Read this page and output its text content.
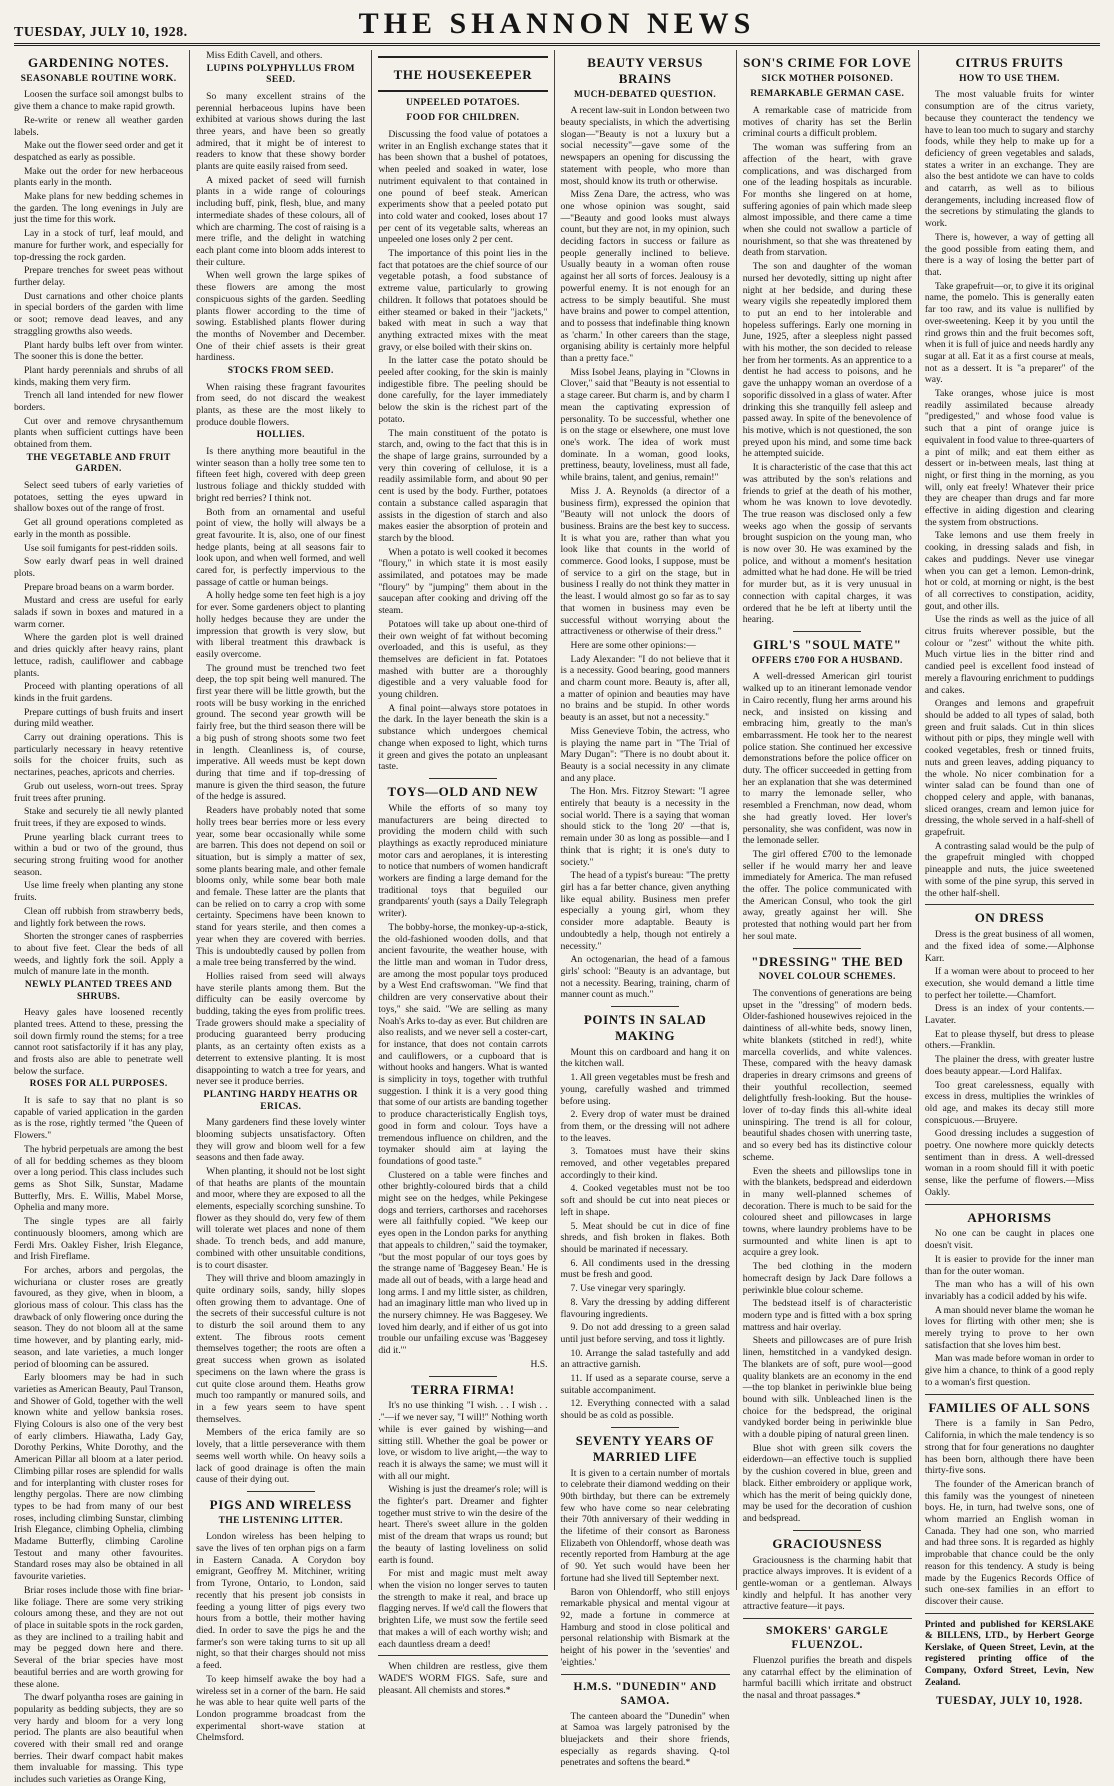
TUESDAY, JULY 10, 1928.	THE SHANNON NEWS
GARDENING NOTES.
SEASONABLE ROUTINE WORK.

Loosen the surface soil amongst bulbs to give them a chance to make rapid growth.

Re-write or renew all weather garden labels.

Make out the flower seed order and get it despatched as early as possible.

Make out the order for new herbaceous plants early in the month.

Make plans for new bedding schemes in the garden. The long evenings in July are just the time for this work.

Lay in a stock of turf, leaf mould, and manure for further work, and especially for top-dressing the rock garden.

Prepare trenches for sweet peas without further delay.

Dust carnations and other choice plants in special borders of the garden with lime or soot; remove dead leaves, and any straggling growths also weeds.

Plant hardy bulbs left over from winter. The sooner this is done the better.

Plant hardy perennials and shrubs of all kinds, making them very firm.

Trench all land intended for new flower borders.

Cut over and remove chrysanthemum plants when sufficient cuttings have been obtained from them.

THE VEGETABLE AND FRUIT GARDEN.

Select seed tubers of early varieties of potatoes, setting the eyes upward in shallow boxes out of the range of frost.

Get all ground operations completed as early in the month as possible.

Use soil fumigants for pest-ridden soils.

Sow early dwarf peas in well drained plots.

Prepare broad beans on a warm border.

Mustard and cress are useful for early salads if sown in boxes and matured in a warm corner.

Where the garden plot is well drained and dries quickly after heavy rains, plant lettuce, radish, cauliflower and cabbage plants.

Proceed with planting operations of all kinds in the fruit gardens.

Prepare cuttings of bush fruits and insert during mild weather.

Carry out draining operations. This is particularly necessary in heavy retentive soils for the choicer fruits, such as nectarines, peaches, apricots and cherries.

Grub out useless, worn-out trees. Spray fruit trees after pruning.

Stake and securely tie all newly planted fruit trees, if they are exposed to winds.

Prune yearling black currant trees to within a bud or two of the ground, thus securing strong fruiting wood for another season.

Use lime freely when planting any stone fruits.

Clean off rubbish from strawberry beds, and lightly fork between the rows.

Shorten the stronger canes of raspberries to about five feet. Clear the beds of all weeds, and lightly fork the soil. Apply a mulch of manure late in the month.

NEWLY PLANTED TREES AND SHRUBS.

Heavy gales have loosened recently planted trees. Attend to these, pressing the soil down firmly round the stems; for a tree cannot root satisfactorily if it has any play, and frosts also are able to penetrate well below the surface.

ROSES FOR ALL PURPOSES.

It is safe to say that no plant is so capable of varied application in the garden as is the rose, rightly termed "the Queen of Flowers."

The hybrid perpetuals are among the best of all for bedding schemes as they bloom over a long period. This class includes such gems as Shot Silk, Sunstar, Madame Butterfly, Mrs. E. Willis, Mabel Morse, Ophelia and many more.

The single types are all fairly continuously bloomers, among which are Ferdi Mrs. Oakley Fisher, Irish Elegance, and Irish Fireflame.

For arches, arbors and pergolas, the wichuriana or cluster roses are greatly favoured, as they give, when in bloom, a glorious mass of colour. This class has the drawback of only flowering once during the season. They do not bloom all at the same time however, and by planting early, mid-season, and late varieties, a much longer period of blooming can be assured.

Early bloomers may be had in such varieties as American Beauty, Paul Transon, and Shower of Gold, together with the well known white and yellow banksia roses. Flying Colours is also one of the very best of early climbers. Hiawatha, Lady Gay, Dorothy Perkins, White Dorothy, and the American Pillar all bloom at a later period. Climbing pillar roses are splendid for walls and for interplanting with cluster roses for lengthy pergolas. There are now climbing types to be had from many of our best roses, including climbing Sunstar, climbing Irish Elegance, climbing Ophelia, climbing Madame Butterfly, climbing Caroline Testout and many other favourites. Standard roses may also be obtained in all favourite varieties.

Briar roses include those with fine briar-like foliage. There are some very striking colours among these, and they are not out of place in suitable spots in the rock garden, as they are inclined to a trailing habit and may be pegged down here and there. Several of the briar species have most beautiful berries and are worth growing for these alone.

The dwarf polyantha roses are gaining in popularity as bedding subjects, they are so very hardy and bloom for a very long period. The plants are also beautiful when covered with their small red and orange berries. Their dwarf compact habit makes them invaluable for massing. This type includes such varieties as Orange King,

Miss Edith Cavell, and others.

LUPINS POLYPHYLLUS FROM SEED.

So many excellent strains of the perennial herbaceous lupins have been exhibited at various shows during the last three years, and have been so greatly admired, that it might be of interest to readers to know that these showy border plants are quite easily raised from seed.

A mixed packet of seed will furnish plants in a wide range of colourings including buff, pink, flesh, blue, and many intermediate shades of these colours, all of which are charming. The cost of raising is a mere trifle, and the delight in watching each plant come into bloom adds interest to their culture.

When well grown the large spikes of these flowers are among the most conspicuous sights of the garden. Seedling plants flower according to the time of sowing. Established plants flower during the months of November and December. One of their chief assets is their great hardiness.

STOCKS FROM SEED.

When raising these fragrant favourites from seed, do not discard the weakest plants, as these are the most likely to produce double flowers.

HOLLIES.

Is there anything more beautiful in the winter season than a holly tree some ten to fifteen feet high, covered with deep green lustrous foliage and thickly studded with bright red berries? I think not.

Both from an ornamental and useful point of view, the holly will always be a great favourite. It is, also, one of our finest hedge plants, being at all seasons fair to look upon, and when well formed, and well cared for, is perfectly impervious to the passage of cattle or human beings.

A holly hedge some ten feet high is a joy for ever. Some gardeners object to planting holly hedges because they are under the impression that growth is very slow, but with liberal treatment this drawback is easily overcome.

The ground must be trenched two feet deep, the top spit being well manured. The first year there will be little growth, but the roots will be busy working in the enriched ground. The second year growth will be fairly free, but the third season there will be a big push of strong shoots some two feet in length. Cleanliness is, of course, imperative. All weeds must be kept down during that time and if top-dressing of manure is given the third season, the future of the hedge is assured.

Readers have probably noted that some holly trees bear berries more or less every year, some bear occasionally while some are barren. This does not depend on soil or situation, but is simply a matter of sex, some plants bearing male, and other female blooms only, while some bear both male and female. These latter are the plants that can be relied on to carry a crop with some certainty. Specimens have been known to stand for years sterile, and then comes a year when they are covered with berries. This is undoubtedly caused by pollen from a male tree being transferred by the wind.

Hollies raised from seed will always have sterile plants among them. But the difficulty can be easily overcome by budding, taking the eyes from prolific trees. Trade growers should make a speciality of producing guaranteed berry producing plants, as an certainty often exists as a deterrent to extensive planting. It is most disappointing to watch a tree for years, and never see it produce berries.

PLANTING HARDY HEATHS OR ERICAS.

Many gardeners find these lovely winter blooming subjects unsatisfactory. Often they will grow and bloom well for a few seasons and then fade away.

When planting, it should not be lost sight of that heaths are plants of the mountain and moor, where they are exposed to all the elements, especially scorching sunshine. To flower as they should do, very few of them will tolerate wet places and none of them shade. To trench beds, and add manure, combined with other unsuitable conditions, is to court disaster.

They will thrive and bloom amazingly in quite ordinary soils, sandy, hilly slopes often growing them to advantage. One of the secrets of their successful culture is not to disturb the soil around them to any extent. The fibrous roots cement themselves together; the roots are often a great success when grown as isolated specimens on the lawn where the grass is cut quite close around them. Heaths grow much too rampantly or manured soils, and in a few years seem to have spent themselves.

Members of the erica family are so lovely, that a little perseverance with them seems well worth while. On heavy soils a lack of good drainage is often the main cause of their dying out.

PIGS AND WIRELESS
THE LISTENING LITTER.

London wireless has been helping to save the lives of ten orphan pigs on a farm in Eastern Canada. A Corydon boy emigrant, Geoffrey M. Mitchiner, writing from Tyrone, Ontario, to London, said recently that his present job consists in feeding a young litter of pigs every two hours from a bottle, their mother having died. In order to save the pigs he and the farmer's son were taking turns to sit up all night, so that their charges should not miss a feed.

To keep himself awake the boy had a wireless set in a corner of the barn. He said he was able to hear quite well parts of the London programme broadcast from the experimental short-wave station at Chelmsford.

THE HOUSEKEEPER
UNPEELED POTATOES.
FOOD FOR CHILDREN.

Discussing the food value of potatoes a writer in an English exchange states that it has been shown that a bushel of potatoes, when peeled and soaked in water, lose nutriment equivalent to that contained in one pound of beef steak. American experiments show that a peeled potato put into cold water and cooked, loses about 17 per cent of its vegetable salts, whereas an unpeeled one loses only 2 per cent.

The importance of this point lies in the fact that potatoes are the chief source of our vegetable potash, a food substance of extreme value, particularly to growing children. It follows that potatoes should be either steamed or baked in their "jackets," baked with meat in such a way that anything extracted mixes with the meat gravy, or else boiled with their skins on.

In the latter case the potato should be peeled after cooking, for the skin is mainly indigestible fibre. The peeling should be done carefully, for the layer immediately below the skin is the richest part of the potato.

The main constituent of the potato is starch, and, owing to the fact that this is in the shape of large grains, surrounded by a very thin covering of cellulose, it is a readily assimilable form, and about 90 per cent is used by the body. Further, potatoes contain a substance called asparagin that assists in the digestion of starch and also makes easier the absorption of protein and starch by the blood.

When a potato is well cooked it becomes "floury," in which state it is most easily assimilated, and potatoes may be made "floury" by "jumping" them about in the saucepan after cooking and driving off the steam.

Potatoes will take up about one-third of their own weight of fat without becoming overloaded, and this is useful, as they themselves are deficient in fat. Potatoes mashed with butter are a thoroughly digestible and a very valuable food for young children.

A final point—always store potatoes in the dark. In the layer beneath the skin is a substance which undergoes chemical change when exposed to light, which turns it green and gives the potato an unpleasant taste.

TOYS—OLD AND NEW

While the efforts of so many toy manufacturers are being directed to providing the modern child with such playthings as exactly reproduced miniature motor cars and aeroplanes, it is interesting to notice that numbers of women handicraft workers are finding a large demand for the traditional toys that beguiled our grandparents' youth (says a Daily Telegraph writer).

The bobby-horse, the monkey-up-a-stick, the old-fashioned wooden dolls, and that ancient favourite, the weather house, with the little man and woman in Tudor dress, are among the most popular toys produced by a West End craftswoman. "We find that children are very conservative about their toys," she said. "We are selling as many Noah's Arks to-day as ever. But children are also realists, and we never sell a coster-cart, for instance, that does not contain carrots and cauliflowers, or a cupboard that is without hooks and hangers. What is wanted is simplicity in toys, together with truthful suggestion. I think it is a very good thing that some of our artists are banding together to produce characteristically English toys, good in form and colour. Toys have a tremendous influence on children, and the toymaker should aim at laying the foundations of good taste."

Clustered on a table were finches and other brightly-coloured birds that a child might see on the hedges, while Pekingese dogs and terriers, carthorses and racehorses were all faithfully copied. "We keep our eyes open in the London parks for anything that appeals to children," said the toymaker, "but the most popular of our toys goes by the strange name of 'Baggesey Bean.' He is made all out of beads, with a large head and long arms. I and my little sister, as children, had an imaginary little man who lived up in the nursery chimney. He was Baggesey. We loved him dearly, and if either of us got into trouble our unfailing excuse was 'Baggesey did it.'"

H.S.
TERRA FIRMA!

It's no use thinking "I wish. . . I wish . . ."—if we never say, "I will!" Nothing worth while is ever gained by wishing—and sitting still. Whether the goal be power or love, or wisdom to live aright,—the way to reach it is always the same; we must will it with all our might.

Wishing is just the dreamer's role; will is the fighter's part. Dreamer and fighter together must strive to win the desire of the heart. There's sweet allure in the golden mist of the dream that wraps us round; but the beauty of lasting loveliness on solid earth is found.

For mist and magic must melt away when the vision no longer serves to tauten the strength to make it real, and brace up flagging nerves. If we'd call the flowers that brighten Life, we must sow the fertile seed that makes a will of each worthy wish; and each dauntless dream a deed!

When children are restless, give them WADE'S WORM FIGS. Safe, sure and pleasant. All chemists and stores.*

BEAUTY VERSUS BRAINS
MUCH-DEBATED QUESTION.

A recent law-suit in London between two beauty specialists, in which the advertising slogan—"Beauty is not a luxury but a social necessity"—gave some of the newspapers an opening for discussing the statement with people, who more than most, should know its truth or otherwise.

Miss Zena Dare, the actress, who was one whose opinion was sought, said —"Beauty and good looks must always count, but they are not, in my opinion, such deciding factors in success or failure as people generally inclined to believe. Usually beauty in a woman often rouse against her all sorts of forces. Jealousy is a powerful enemy. It is not enough for an actress to be simply beautiful. She must have brains and power to compel attention, and to possess that indefinable thing known as 'charm.' In other careers than the stage, organising ability is certainly more helpful than a pretty face."

Miss Isobel Jeans, playing in "Clowns in Clover," said that "Beauty is not essential to a stage career. But charm is, and by charm I mean the captivating expression of personality. To be successful, whether one is on the stage or elsewhere, one must love one's work. The idea of work must dominate. In a woman, good looks, prettiness, beauty, loveliness, must all fade, while brains, talent, and genius, remain!"

Miss J. A. Reynolds (a director of a business firm), expressed the opinion that "Beauty will not unlock the doors of business. Brains are the best key to success. It is what you are, rather than what you look like that counts in the world of commerce. Good looks, I suppose, must be of service to a girl on the stage, but in business I really do not think they matter in the least. I would almost go so far as to say that women in business may even be successful without worrying about the attractiveness or otherwise of their dress."

Here are some other opinions:—

Lady Alexander: "I do not believe that it is a necessity. Good bearing, good manners and charm count more. Beauty is, after all, a matter of opinion and beauties may have no brains and be stupid. In other words beauty is an asset, but not a necessity."

Miss Genevieve Tobin, the actress, who is playing the name part in "The Trial of Mary Dugan": "There is no doubt about it. Beauty is a social necessity in any climate and any place.

The Hon. Mrs. Fitzroy Stewart: "I agree entirely that beauty is a necessity in the social world. There is a saying that woman should stick to the 'long 20' —that is, remain under 30 as long as possible—and I think that is right; it is one's duty to society."

The head of a typist's bureau: "The pretty girl has a far better chance, given anything like equal ability. Business men prefer especially a young girl, whom they consider more adaptable. Beauty is undoubtedly a help, though not entirely a necessity."

An octogenarian, the head of a famous girls' school: "Beauty is an advantage, but not a necessity. Bearing, training, charm of manner count as much."

POINTS IN SALAD MAKING

Mount this on cardboard and hang it on the kitchen wall.

1. All green vegetables must be fresh and young, carefully washed and trimmed before using.

2. Every drop of water must be drained from them, or the dressing will not adhere to the leaves.

3. Tomatoes must have their skins removed, and other vegetables prepared accordingly to their kind.

4. Cooked vegetables must not be too soft and should be cut into neat pieces or left in shape.

5. Meat should be cut in dice of fine shreds, and fish broken in flakes. Both should be marinated if necessary.

6. All condiments used in the dressing must be fresh and good.

7. Use vinegar very sparingly.

8. Vary the dressing by adding different flavouring ingredients.

9. Do not add dressing to a green salad until just before serving, and toss it lightly.

10. Arrange the salad tastefully and add an attractive garnish.

11. If used as a separate course, serve a suitable accompaniment.

12. Everything connected with a salad should be as cold as possible.

SEVENTY YEARS OF MARRIED LIFE

It is given to a certain number of mortals to celebrate their diamond wedding on their 90th birthday, but there can be extremely few who have come so near celebrating their 70th anniversary of their wedding in the lifetime of their consort as Baroness Elizabeth von Ohlendorff, whose death was recently reported from Hamburg at the age of 90. Yet such would have been her fortune had she lived till September next.

Baron von Ohlendorff, who still enjoys remarkable physical and mental vigour at 92, made a fortune in commerce at Hamburg and stood in close political and personal relationship with Bismark at the height of his power in the 'seventies' and 'eighties.'

H.M.S. "DUNEDIN" AND SAMOA.

The canteen aboard the "Dunedin" when at Samoa was largely patronised by the bluejackets and their shore friends, especially as regards shaving. Q-tol penetrates and softens the beard.*

SON'S CRIME FOR LOVE
SICK MOTHER POISONED.
REMARKABLE GERMAN CASE.

A remarkable case of matricide from motives of charity has set the Berlin criminal courts a difficult problem.

The woman was suffering from an affection of the heart, with grave complications, and was discharged from one of the leading hospitals as incurable. For months she lingered on at home, suffering agonies of pain which made sleep almost impossible, and there came a time when she could not swallow a particle of nourishment, so that she was threatened by death from starvation.

The son and daughter of the woman nursed her devotedly, sitting up night after night at her bedside, and during these weary vigils she repeatedly implored them to put an end to her intolerable and hopeless sufferings. Early one morning in June, 1925, after a sleepless night passed with his mother, the son decided to release her from her torments. As an apprentice to a dentist he had access to poisons, and he gave the unhappy woman an overdose of a soporific dissolved in a glass of water. After drinking this she tranquilly fell asleep and passed away. In spite of the benevolence of his motive, which is not questioned, the son preyed upon his mind, and some time back he attempted suicide.

It is characteristic of the case that this act was attributed by the son's relations and friends to grief at the death of his mother, whom he was known to love devotedly. The true reason was disclosed only a few weeks ago when the gossip of servants brought suspicion on the young man, who is now over 30. He was examined by the police, and without a moment's hesitation admitted what he had done. He will be tried for murder but, as it is very unusual in connection with capital charges, it was ordered that he be left at liberty until the hearing.

GIRL'S "SOUL MATE"
OFFERS £700 FOR A HUSBAND.

A well-dressed American girl tourist walked up to an itinerant lemonade vendor in Cairo recently, flung her arms around his neck, and insisted on kissing and embracing him, greatly to the man's embarrassment. He took her to the nearest police station. She continued her excessive demonstrations before the police officer on duty. The officer succeeded in getting from her an explanation that she was determined to marry the lemonade seller, who resembled a Frenchman, now dead, whom she had greatly loved. Her lover's personality, she was confident, was now in the lemonade seller.

The girl offered £700 to the lemonade seller if he would marry her and leave immediately for America. The man refused the offer. The police communicated with the American Consul, who took the girl away, greatly against her will. She protested that nothing would part her from her soul mate.

"DRESSING" THE BED
NOVEL COLOUR SCHEMES.

The conventions of generations are being upset in the "dressing" of modern beds. Older-fashioned housewives rejoiced in the daintiness of all-white beds, snowy linen, white blankets (stitched in red!), white marcella coverlids, and white valences. These, compared with the heavy damask draperies in dreary crimsons and greens of their youthful recollection, seemed delightfully fresh-looking. But the house-lover of to-day finds this all-white ideal uninspiring. The trend is all for colour, beautiful shades chosen with unerring taste, and so every bed has its distinctive colour scheme.

Even the sheets and pillowslips tone in with the blankets, bedspread and eiderdown in many well-planned schemes of decoration. There is much to be said for the coloured sheet and pillowcases in large towns, where laundry problems have to be surmounted and white linen is apt to acquire a grey look.

The bed clothing in the modern homecraft design by Jack Dare follows a periwinkle blue colour scheme.

The bedstead itself is of characteristic modern type and is fitted with a box spring mattress and hair overlay.

Sheets and pillowcases are of pure Irish linen, hemstitched in a vandyked design. The blankets are of soft, pure wool—good quality blankets are an economy in the end—the top blanket in periwinkle blue being bound with silk. Unbleached linen is the choice for the bedspread, the original vandyked border being in periwinkle blue with a double piping of natural green linen.

Blue shot with green silk covers the eiderdown—an effective touch is supplied by the cushion covered in blue, green and black. Either embroidery or applique work, which has the merit of being quickly done, may be used for the decoration of cushion and bedspread.

GRACIOUSNESS

Graciousness is the charming habit that practice always improves. It is evident of a gentle-woman or a gentleman. Always kindly and helpful. It has another very attractive feature—it pays.

SMOKERS' GARGLE FLUENZOL.

Fluenzol purifies the breath and dispels any catarrhal effect by the elimination of harmful bacilli which irritate and obstruct the nasal and throat passages.*

CITRUS FRUITS
HOW TO USE THEM.

The most valuable fruits for winter consumption are of the citrus variety, because they counteract the tendency we have to lean too much to sugary and starchy foods, while they help to make up for a deficiency of green vegetables and salads, states a writer in an exchange. They are also the best antidote we can have to colds and catarrh, as well as to bilious derangements, including increased flow of the secretions by stimulating the glands to work.

There is, however, a way of getting all the good possible from eating them, and there is a way of losing the better part of that.

Take grapefruit—or, to give it its original name, the pomelo. This is generally eaten far too raw, and its value is nullified by over-sweetening. Keep it by you until the rind grows thin and the fruit becomes soft, when it is full of juice and needs hardly any sugar at all. Eat it as a first course at meals, not as a dessert. It is "a preparer" of the way.

Take oranges, whose juice is most readily assimilated because already "predigested," and whose food value is such that a pint of orange juice is equivalent in food value to three-quarters of a pint of milk; and eat them either as dessert or in-between meals, last thing at night, or first thing in the morning, as you will, only eat freely! Whatever their price they are cheaper than drugs and far more effective in aiding digestion and clearing the system from obstructions.

Take lemons and use them freely in cooking, in dressing salads and fish, in cakes and puddings. Never use vinegar when you can get a lemon. Lemon-drink, hot or cold, at morning or night, is the best of all correctives to constipation, acidity, gout, and other ills.

Use the rinds as well as the juice of all citrus fruits wherever possible, but the colour or "zest" without the white pith. Much virtue lies in the bitter rind and candied peel is excellent food instead of merely a flavouring enrichment to puddings and cakes.

Oranges and lemons and grapefruit should be added to all types of salad, both green and fruit salads. Cut in thin slices without pith or pips, they mingle well with cooked vegetables, fresh or tinned fruits, nuts and green leaves, adding piquancy to the whole. No nicer combination for a winter salad can be found than one of chopped celery and apple, with bananas, sliced oranges, cream and lemon juice for dressing, the whole served in a half-shell of grapefruit.

A contrasting salad would be the pulp of the grapefruit mingled with chopped pineapple and nuts, the juice sweetened with some of the pine syrup, this served in the other half-shell.

ON DRESS

Dress is the great business of all women, and the fixed idea of some.—Alphonse Karr.

If a woman were about to proceed to her execution, she would demand a little time to perfect her toilette.—Chamfort.

Dress is an index of your contents.—Lavater.

Eat to please thyself, but dress to please others.—Franklin.

The plainer the dress, with greater lustre does beauty appear.—Lord Halifax.

Too great carelessness, equally with excess in dress, multiplies the wrinkles of old age, and makes its decay still more conspicuous.—Bruyere.

Good dressing includes a suggestion of poetry. One nowhere more quickly detects sentiment than in dress. A well-dressed woman in a room should fill it with poetic sense, like the perfume of flowers.—Miss Oakly.

APHORISMS

No one can be caught in places one doesn't visit.

It is easier to provide for the inner man than for the outer woman.

The man who has a will of his own invariably has a codicil added by his wife.

A man should never blame the woman he loves for flirting with other men; she is merely trying to prove to her own satisfaction that she loves him best.

Man was made before woman in order to give him a chance, to think of a good reply to a woman's first question.

FAMILIES OF ALL SONS

There is a family in San Pedro, California, in which the male tendency is so strong that for four generations no daughter has been born, although there have been thirty-five sons.

The founder of the American branch of this family was the youngest of nineteen boys. He, in turn, had twelve sons, one of whom married an English woman in Canada. They had one son, who married and had three sons. It is regarded as highly improbable that chance could be the only reason for this tendency. A study is being made by the Eugenics Records Office of such one-sex families in an effort to discover their cause.

Printed and published for KERSLAKE & BILLENS, LTD., by Herbert George Kerslake, of Queen Street, Levin, at the registered printing office of the Company, Oxford Street, Levin, New Zealand.
TUESDAY, JULY 10, 1928.
